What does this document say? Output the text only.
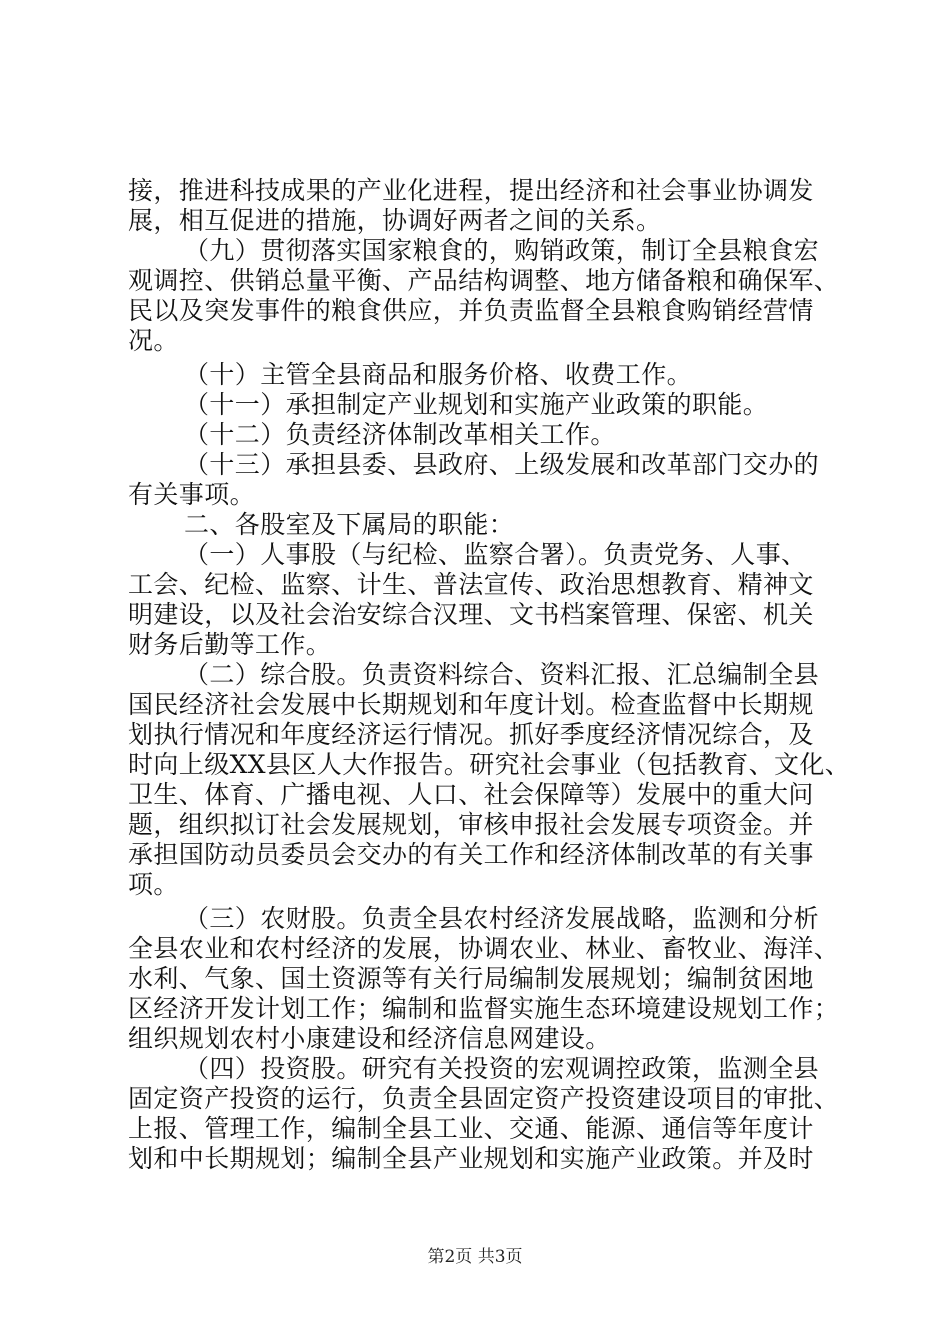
接，推进科技成果的产业化进程，提出经济和社会事业协调发
展，相互促进的措施，协调好两者之间的关系。
（九）贯彻落实国家粮食的，购销政策，制订全县粮食宏
观调控、供销总量平衡、产品结构调整、地方储备粮和确保军、
民以及突发事件的粮食供应，并负责监督全县粮食购销经营情
况。
（十）主管全县商品和服务价格、收费工作。
（十一）承担制定产业规划和实施产业政策的职能。
（十二）负责经济体制改革相关工作。
（十三）承担县委、县政府、上级发展和改革部门交办的
有关事项。
二、各股室及下属局的职能：
（一）人事股（与纪检、监察合署）。负责党务、人事、
工会、纪检、监察、计生、普法宣传、政治思想教育、精神文
明建设，以及社会治安综合汉理、文书档案管理、保密、机关
财务后勤等工作。
（二）综合股。负责资料综合、资料汇报、汇总编制全县
国民经济社会发展中长期规划和年度计划。检查监督中长期规
划执行情况和年度经济运行情况。抓好季度经济情况综合，及
时向上级XX县区人大作报告。研究社会事业（包括教育、文化、
卫生、体育、广播电视、人口、社会保障等）发展中的重大问
题，组织拟订社会发展规划，审核申报社会发展专项资金。并
承担国防动员委员会交办的有关工作和经济体制改革的有关事
项。
（三）农财股。负责全县农村经济发展战略，监测和分析
全县农业和农村经济的发展，协调农业、林业、畜牧业、海洋、
水利、气象、国土资源等有关行局编制发展规划；编制贫困地
区经济开发计划工作；编制和监督实施生态环境建设规划工作；
组织规划农村小康建设和经济信息网建设。
（四）投资股。研究有关投资的宏观调控政策，监测全县
固定资产投资的运行，负责全县固定资产投资建设项目的审批、
上报、管理工作，编制全县工业、交通、能源、通信等年度计
划和中长期规划；编制全县产业规划和实施产业政策。并及时
第2页 共3页
